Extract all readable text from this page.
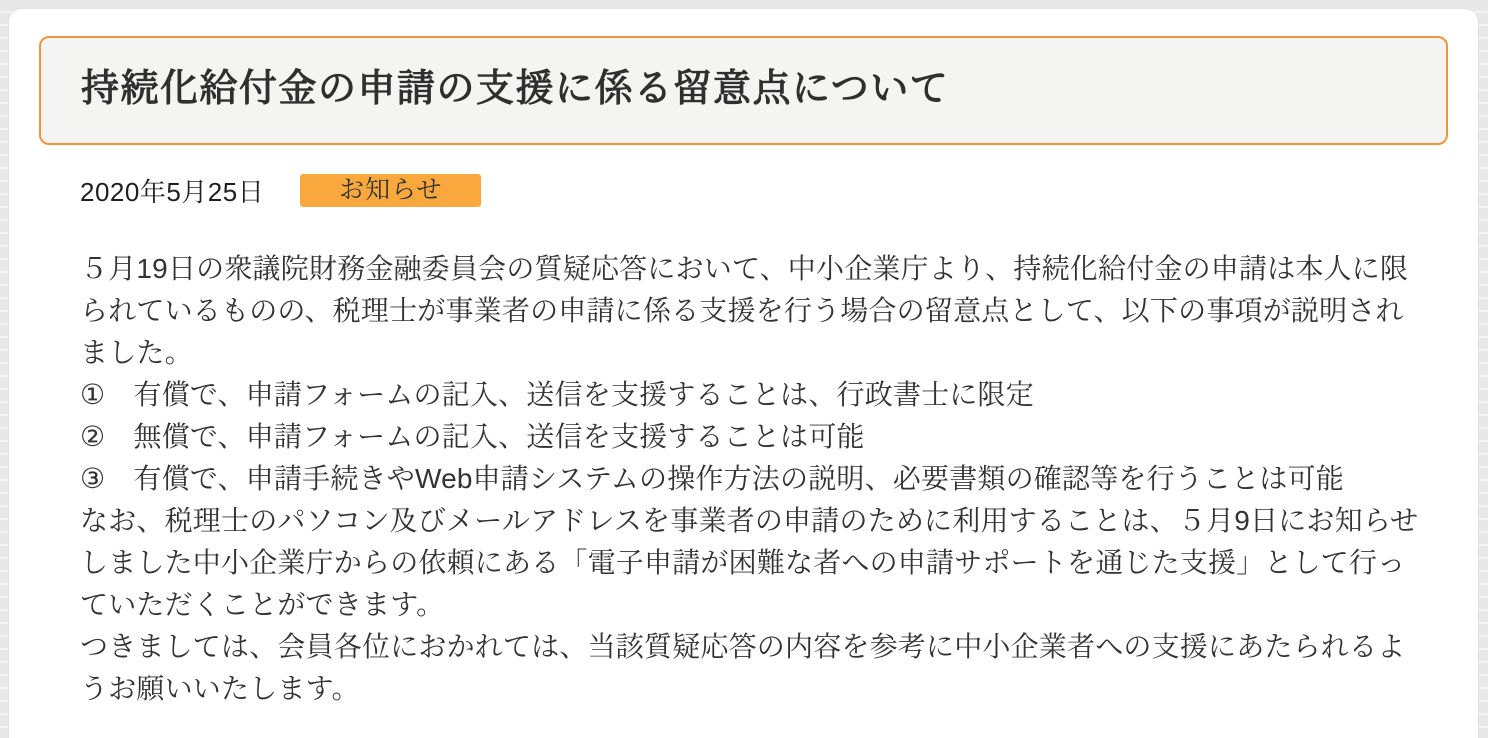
持続化給付金の申請の支援に係る留意点について
2020年5月25日	お知らせ

５月19日の衆議院財務金融委員会の質疑応答において、中小企業庁より、持続化給付金の申請は本人に限られているものの、税理士が事業者の申請に係る支援を行う場合の留意点として、以下の事項が説明されました。

①　有償で、申請フォームの記入、送信を支援することは、行政書士に限定

②　無償で、申請フォームの記入、送信を支援することは可能

③　有償で、申請手続きやWeb申請システムの操作方法の説明、必要書類の確認等を行うことは可能

なお、税理士のパソコン及びメールアドレスを事業者の申請のために利用することは、５月9日にお知らせしました中小企業庁からの依頼にある「電子申請が困難な者への申請サポートを通じた支援」として行っていただくことができます。

つきましては、会員各位におかれては、当該質疑応答の内容を参考に中小企業者への支援にあたられるようお願いいたします。
